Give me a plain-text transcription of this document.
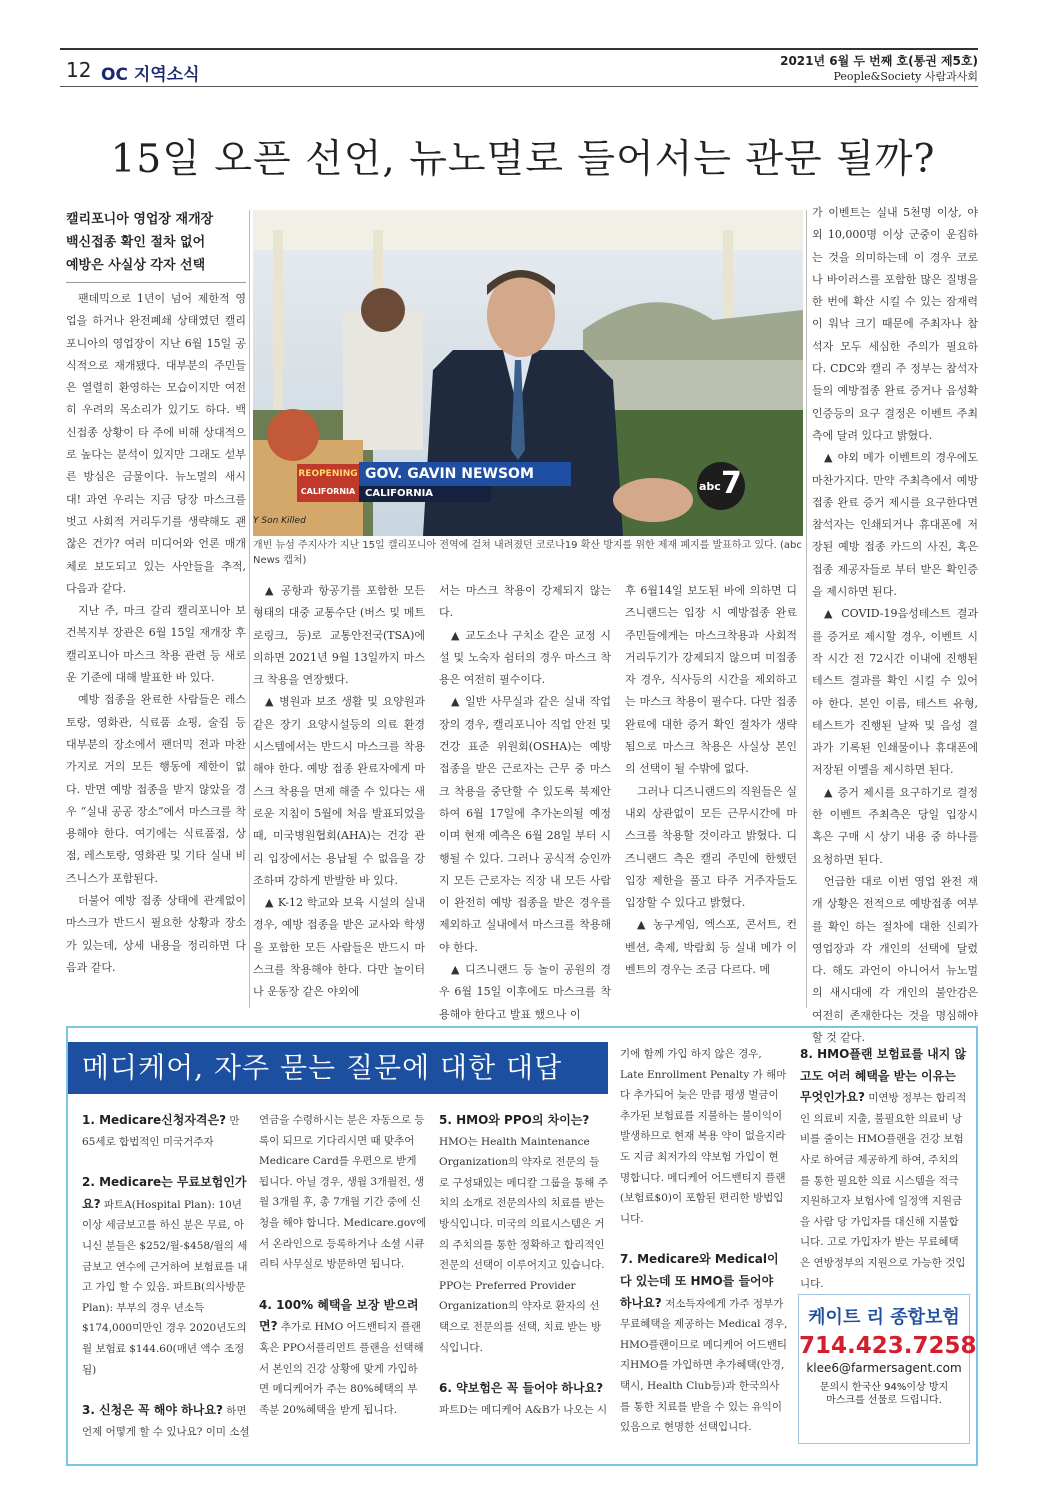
12 OC 지역소식
2021년 6월 두 번째 호(통권 제5호)
People&Society 사람과사회
15일 오픈 선언, 뉴노멀로 들어서는 관문 될까?
캘리포니아 영업장 재개장
백신접종 확인 절차 없어
예방은 사실상 각자 선택

팬데믹으로 1년이 넘어 제한적 영업을 하거나 완전폐쇄 상태였던 캘리포니아의 영업장이 지난 6월 15일 공식적으로 재개됐다. 대부분의 주민들은 열렬히 환영하는 모습이지만 여전히 우려의 목소리가 있기도 하다. 백신접종 상황이 타 주에 비해 상대적으로 높다는 분석이 있지만 그래도 섣부른 방심은 금물이다. 뉴노멀의 새시대! 과연 우리는 지금 당장 마스크를 벗고 사회적 거리두기를 생략해도 괜찮은 건가? 여러 미디어와 언론 매개체로 보도되고 있는 사안들을 추적, 다음과 같다.

지난 주, 마크 갈리 캘리포니아 보건복지부 장관은 6월 15일 재개장 후 캘리포니아 마스크 착용 관련 등 새로운 기준에 대해 발표한 바 있다.

예방 접종을 완료한 사람들은 레스토랑, 영화관, 식료품 쇼핑, 술집 등 대부분의 장소에서 팬더믹 전과 마찬가지로 거의 모든 행동에 제한이 없다. 반면 예방 접종을 받지 않았을 경우 “실내 공공 장소”에서 마스크를 착용해야 한다. 여기에는 식료품점, 상점, 레스토랑, 영화관 및 기타 실내 비즈니스가 포함된다.

더불어 예방 접종 상태에 관계없이 마스크가 반드시 필요한 상황과 장소가 있는데, 상세 내용을 정리하면 다음과 같다.

REOPENING
CALIFORNIA
GOV. GAVIN NEWSOM
CALIFORNIA
abc 7
Y Son Killed
개빈 뉴섬 주지사가 지난 15일 캘리포니아 전역에 걸쳐 내려졌던 코로나19 확산 방지를 위한 제재 폐지를 발표하고 있다. (abc News 캡처)

▲ 공항과 항공기를 포함한 모든 형태의 대중 교통수단 (버스 및 메트로링크, 등)로 교통안전국(TSA)에 의하면 2021년 9월 13일까지 마스크 착용을 연장했다.

▲ 병원과 보조 생활 및 요양원과 같은 장기 요양시설등의 의료 환경시스템에서는 반드시 마스크를 착용해야 한다. 예방 접종 완료자에게 마스크 착용을 면제 해줄 수 있다는 새로운 지침이 5월에 처음 발표되었을 때, 미국병원협회(AHA)는 건강 관리 입장에서는 용납될 수 없음을 강조하며 강하게 반발한 바 있다.

▲ K-12 학교와 보육 시설의 실내 경우, 예방 접종을 받은 교사와 학생을 포함한 모든 사람들은 반드시 마스크를 착용해야 한다. 다만 놀이터나 운동장 같은 야외에

서는 마스크 착용이 강제되지 않는다.

▲ 교도소나 구치소 같은 교정 시설 및 노숙자 쉼터의 경우 마스크 착용은 여전히 필수이다.

▲ 일반 사무실과 같은 실내 작업장의 경우, 캘리포니아 직업 안전 및 건강 표준 위원회(OSHA)는 예방 접종을 받은 근로자는 근무 중 마스크 착용을 중단할 수 있도록 북제안하여 6월 17일에 추가논의될 예정이며 현재 예측은 6월 28일 부터 시행될 수 있다. 그러나 공식적 승인까지 모든 근로자는 직장 내 모든 사람이 완전히 예방 접종을 받은 경우를 제외하고 실내에서 마스크를 착용해야 한다.

▲ 디즈니랜드 등 놀이 공원의 경우 6월 15일 이후에도 마스크를 착용해야 한다고 발표 했으나 이

후 6월14일 보도된 바에 의하면 디즈니랜드는 입장 시 예방접종 완료 주민들에게는 마스크착용과 사회적 거리두기가 강제되지 않으며 미접종자 경우, 식사등의 시간을 제외하고는 마스크 착용이 필수다. 다만 접종완료에 대한 증거 확인 절차가 생략됨으로 마스크 착용은 사실상 본인의 선택이 될 수밖에 없다.

그러나 디즈니랜드의 직원들은 실내외 상관없이 모든 근무시간에 마스크를 착용할 것이라고 밝혔다. 디즈니랜드 측은 캘리 주민에 한했던 입장 제한을 풀고 타주 거주자들도 입장할 수 있다고 밝혔다.

▲ 농구게임, 엑스포, 콘서트, 컨벤션, 축제, 박람회 등 실내 메가 이벤트의 경우는 조금 다르다. 메

가 이벤트는 실내 5천명 이상, 야외 10,000명 이상 군중이 운집하는 것을 의미하는데 이 경우 코로나 바이러스를 포함한 많은 질병을 한 번에 확산 시킬 수 있는 잠재력이 워낙 크기 때문에 주최자나 참석자 모두 세심한 주의가 필요하다. CDC와 캘리 주 정부는 참석자들의 예방접종 완료 증거나 음성확인증등의 요구 결정은 이벤트 주최측에 달려 있다고 밝혔다.

▲ 야외 메가 이벤트의 경우에도 마찬가지다. 만약 주최측에서 예방접종 완료 증거 제시를 요구한다면 참석자는 인쇄되거나 휴대폰에 저장된 예방 접종 카드의 사진, 혹은 접종 제공자들로 부터 받은 확인증을 제시하면 된다.

▲ COVID-19음성테스트 결과를 증거로 제시할 경우, 이벤트 시작 시간 전 72시간 이내에 진행된 테스트 결과를 확인 시킬 수 있어야 한다. 본인 이름, 테스트 유형, 테스트가 진행된 날짜 및 음성 결과가 기록된 인쇄물이나 휴대폰에 저장된 이멜을 제시하면 된다.

▲ 증거 제시를 요구하기로 결정한 이벤트 주최측은 당일 입장시 혹은 구매 시 상기 내용 중 하나를 요청하면 된다.

언급한 대로 이번 영업 완전 재개 상황은 전적으로 예방접종 여부를 확인 하는 절차에 대한 신뢰가 영업장과 각 개인의 선택에 달렸다. 해도 과언이 아니어서 뉴노멀의 새시대에 각 개인의 불안감은 여전히 존재한다는 것을 명심해야 할 것 같다.

메디케어, 자주 묻는 질문에 대한 대답

1. Medicare신청자격은? 만 65세로 합법적인 미국거주자

2. Medicare는 무료보험인가요? 파트A(Hospital Plan): 10년 이상 세금보고를 하신 분은 무료, 아니신 분들은 $252/월-$458/월의 세금보고 연수에 근거하여 보험료를 내고 가입 할 수 있음. 파트B(의사방문 Plan): 부부의 경우 년소득 $174,000미만인 경우 2020년도의 월 보험료 $144.60(매년 액수 조정됨)

3. 신청은 꼭 해야 하나요? 하면 언제 어떻게 할 수 있나요? 이미 소셜

연금을 수령하시는 분은 자동으로 등록이 되므로 기다리시면 때 맞추어 Medicare Card를 우편으로 받게 됩니다. 아닐 경우, 생월 3개월전, 생월 3개월 후, 총 7개월 기간 중에 신청을 해야 합니다. Medicare.gov에서 온라인으로 등록하거나 소셜 시큐리티 사무실로 방문하면 됩니다.

4. 100% 혜택을 보장 받으려면? 추가로 HMO 어드밴티지 플랜 혹은 PPO서플리먼트 플랜을 선택해서 본인의 건강 상황에 맞게 가입하면 메디케어가 주는 80%혜택의 부족분 20%혜택을 받게 됩니다.

5. HMO와 PPO의 차이는? HMO는 Health Maintenance Organization의 약자로 전문의 들로 구성돼있는 메디칼 그룹을 통해 주치의 소개로 전문의사의 치료를 받는 방식입니다. 미국의 의료시스템은 거의 주치의를 통한 정확하고 합리적인 전문의 선택이 이루어지고 있습니다. PPO는 Preferred Provider Organization의 약자로 환자의 선택으로 전문의를 선택, 치료 받는 방식입니다.

6. 약보험은 꼭 들어야 하나요? 파트D는 메디케어 A&B가 나오는 시

기에 함께 가입 하지 않은 경우, Late Enrollment Penalty 가 해마다 추가되어 늦은 만큼 평생 벌금이 추가된 보험료를 지불하는 불이익이 발생하므로 현재 복용 약이 없을지라도 지금 최저가의 약보험 가입이 현명합니다. 메디케어 어드밴티지 플랜(보험료$0)이 포함된 편리한 방법입니다.

7. Medicare와 Medical이 다 있는데 또 HMO를 들어야 하나요? 저소득자에게 가주 정부가 무료혜택을 제공하는 Medical 경우, HMO플랜이므로 메디케어 어드밴티지HMO를 가입하면 추가혜택(안경, 택시, Health Club등)과 한국의사를 통한 치료를 받을 수 있는 유익이 있음으로 현명한 선택입니다.

8. HMO플랜 보험료를 내지 않고도 여러 혜택을 받는 이유는 무엇인가요? 미연방 정부는 합리적인 의료비 지출, 불필요한 의료비 낭비를 줄이는 HMO플랜을 건강 보험사로 하여금 제공하게 하여, 주치의를 통한 필요한 의료 시스템을 적극 지원하고자 보험사에 일정액 지원금을 사람 당 가입자를 대신해 지불합니다. 고로 가입자가 받는 무료혜택은 연방정부의 지원으로 가능한 것입니다.

케이트 리 종합보험
714.423.7258
klee6@farmersagent.com
문의시 한국산 94%이상 방지
마스크를 선물로 드립니다.
